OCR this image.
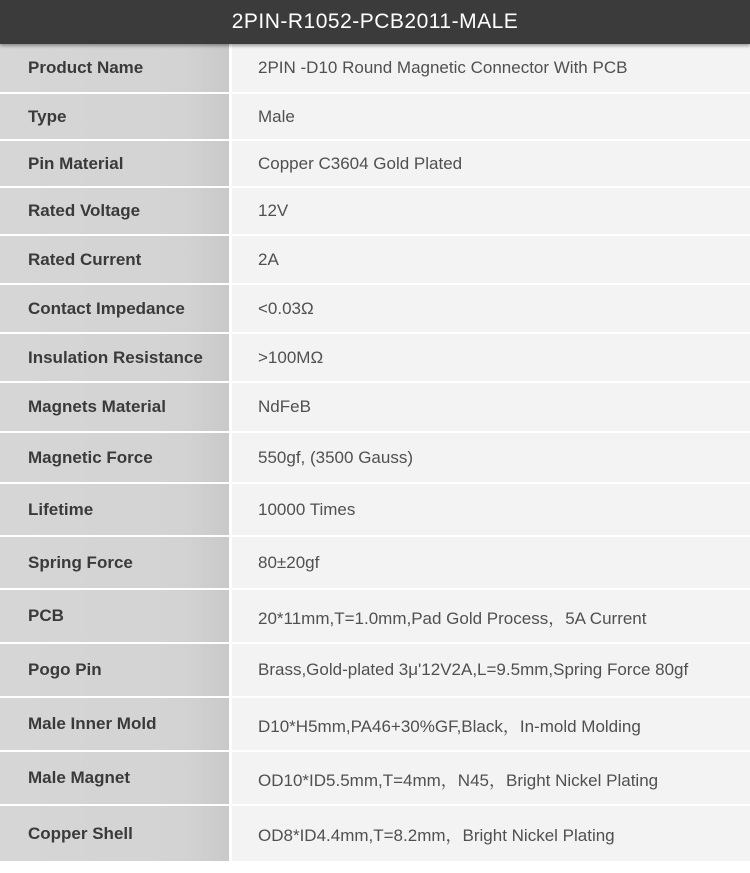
2PIN-R1052-PCB2011-MALE
Product Name	2PIN -D10 Round Magnetic Connector With PCB
Type	Male
Pin Material	Copper C3604 Gold Plated
Rated Voltage	12V
Rated Current	2A
Contact Impedance	<0.03Ω
Insulation Resistance	>100MΩ
Magnets Material	NdFeB
Magnetic Force	550gf, (3500 Gauss)
Lifetime	10000 Times
Spring Force	80±20gf
PCB	20*11mm,T=1.0mm,Pad Gold Process，5A Current
Pogo Pin	Brass,Gold-plated 3μ'12V2A,L=9.5mm,Spring Force 80gf
Male Inner Mold	D10*H5mm,PA46+30%GF,Black，In-mold Molding
Male Magnet	OD10*ID5.5mm,T=4mm，N45，Bright Nickel Plating
Copper Shell	OD8*ID4.4mm,T=8.2mm，Bright Nickel Plating
